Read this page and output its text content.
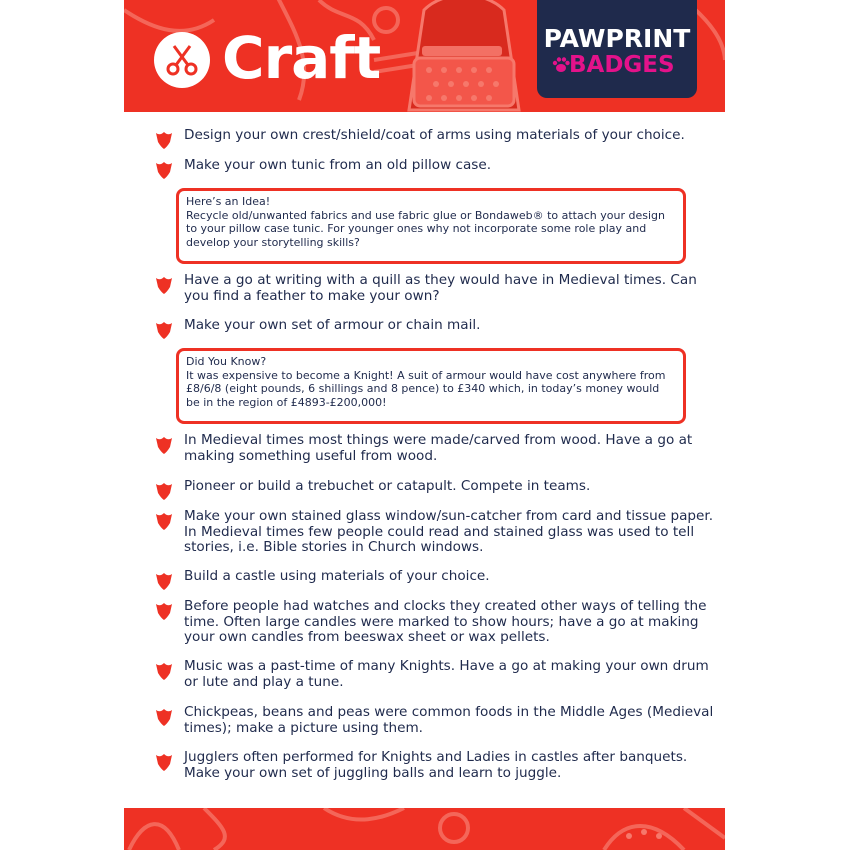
Craft	PAWPRINT
BADGES
Design your own crest/shield/coat of arms using materials of your choice.
Make your own tunic from an old pillow case.
Here’s an Idea!
Recycle old/unwanted fabrics and use fabric glue or Bondaweb® to attach your design to your pillow case tunic. For younger ones why not incorporate some role play and develop your storytelling skills?
Have a go at writing with a quill as they would have in Medieval times. Can you find a feather to make your own?
Make your own set of armour or chain mail.
Did You Know?
It was expensive to become a Knight! A suit of armour would have cost anywhere from £8/6/8 (eight pounds, 6 shillings and 8 pence) to £340 which, in today’s money would be in the region of £4893-£200,000!
In Medieval times most things were made/carved from wood. Have a go at making something useful from wood.
Pioneer or build a trebuchet or catapult. Compete in teams.
Make your own stained glass window/sun-catcher from card and tissue paper. In Medieval times few people could read and stained glass was used to tell stories, i.e. Bible stories in Church windows.
Build a castle using materials of your choice.
Before people had watches and clocks they created other ways of telling the time. Often large candles were marked to show hours; have a go at making your own candles from beeswax sheet or wax pellets.
Music was a past-time of many Knights. Have a go at making your own drum or lute and play a tune.
Chickpeas, beans and peas were common foods in the Middle Ages (Medieval times); make a picture using them.
Jugglers often performed for Knights and Ladies in castles after banquets. Make your own set of juggling balls and learn to juggle.
